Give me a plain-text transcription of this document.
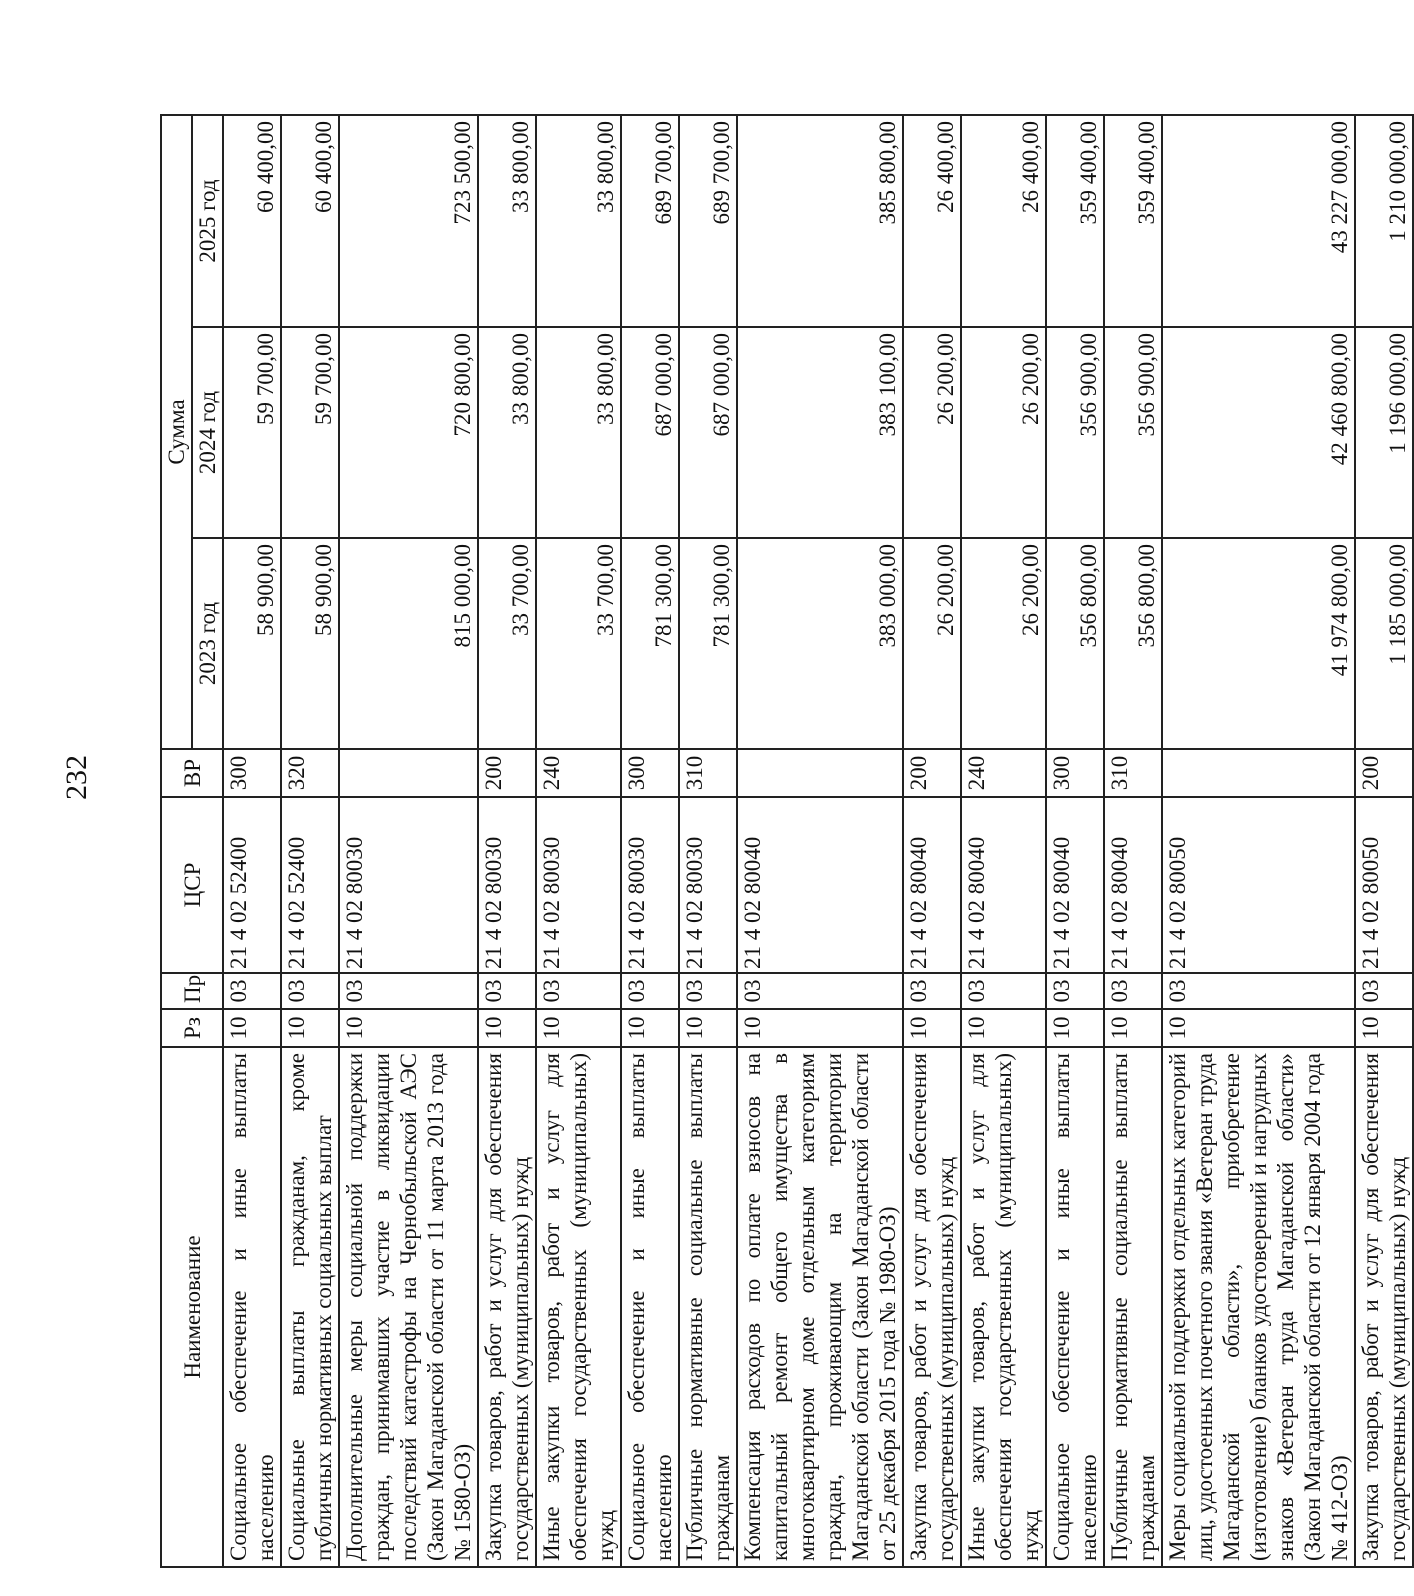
232
Наименование	Рз	Пр	ЦСР	ВР	Сумма		
					2023 год	2024 год	2025 год
Социальное обеспечение и иные выплаты населению	10	03	21 4 02 52400	300	58 900,00	59 700,00	60 400,00
Социальные выплаты гражданам, кроме публичных нормативных социальных выплат	10	03	21 4 02 52400	320	58 900,00	59 700,00	60 400,00
Дополнительные меры социальной поддержки граждан, принимавших участие в ликвидации последствий катастрофы на Чернобыльской АЭС (Закон Магаданской области от 11 марта 2013 года № 1580-ОЗ)	10	03	21 4 02 80030		815 000,00	720 800,00	723 500,00
Закупка товаров, работ и услуг для обеспечения государственных (муниципальных) нужд	10	03	21 4 02 80030	200	33 700,00	33 800,00	33 800,00
Иные закупки товаров, работ и услуг для обеспечения государственных (муниципальных) нужд	10	03	21 4 02 80030	240	33 700,00	33 800,00	33 800,00
Социальное обеспечение и иные выплаты населению	10	03	21 4 02 80030	300	781 300,00	687 000,00	689 700,00
Публичные нормативные социальные выплаты гражданам	10	03	21 4 02 80030	310	781 300,00	687 000,00	689 700,00
Компенсация расходов по оплате взносов на капитальный ремонт общего имущества в многоквартирном доме отдельным категориям граждан, проживающим на территории Магаданской области (Закон Магаданской области от 25 декабря 2015 года № 1980-ОЗ)	10	03	21 4 02 80040		383 000,00	383 100,00	385 800,00
Закупка товаров, работ и услуг для обеспечения государственных (муниципальных) нужд	10	03	21 4 02 80040	200	26 200,00	26 200,00	26 400,00
Иные закупки товаров, работ и услуг для обеспечения государственных (муниципальных) нужд	10	03	21 4 02 80040	240	26 200,00	26 200,00	26 400,00
Социальное обеспечение и иные выплаты населению	10	03	21 4 02 80040	300	356 800,00	356 900,00	359 400,00
Публичные нормативные социальные выплаты гражданам	10	03	21 4 02 80040	310	356 800,00	356 900,00	359 400,00
Меры социальной поддержки отдельных категорий лиц, удостоенных почетного звания «Ветеран труда Магаданской области», приобретение (изготовление) бланков удостоверений и нагрудных знаков «Ветеран труда Магаданской области» (Закон Магаданской области от 12 января 2004 года № 412-ОЗ)	10	03	21 4 02 80050		41 974 800,00	42 460 800,00	43 227 000,00
Закупка товаров, работ и услуг для обеспечения государственных (муниципальных) нужд	10	03	21 4 02 80050	200	1 185 000,00	1 196 000,00	1 210 000,00
